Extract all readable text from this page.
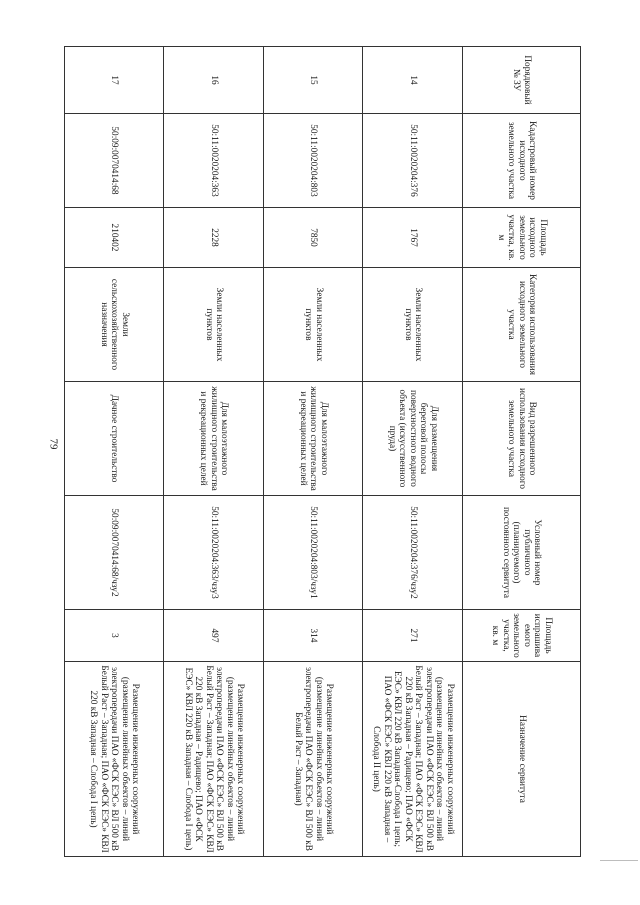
79
Порядковый № ЗУ	Кадастровый номер исходного земельного участка	Площадь исходного земельного участка, кв. м	Категория использования исходного земельного участка	Вид разрешенного использования исходного земельного участка	Условный номер публичного (планируемого) постоянного сервитута	Площадь испрашиваемого земельного участка, кв. м	Назначение сервитута
14	50:11:0020204:376	1767	Земли населенных пунктов	Для размещения береговой полосы поверхностного водного объекта (искусственного пруда)	50:11:0020204:376/чзу2	271	Размещение инженерных сооружений (размещение линейных объектов – линий электропередачи ПАО «ФСК ЕЭС» ВЛ 500 кВ Белый Раст – Западная; ПАО «ФСК ЕЭС» КВЛ 220 кВ Западная – Радищево; ПАО «ФСК ЕЭС» КВЛ 220 кВ Западная-Слобода I цепь; ПАО «ФСК ЕЭС» КВЛ 220 кВ Западная – Слобода II цепь)
15	50:11:0020204:803	7850	Земли населенных пунктов	Для малоэтажного жилищного строительства и рекреационных целей	50:11:0020204:803/чзу1	314	Размещение инженерных сооружений (размещение линейных объектов – линий электропередачи ПАО «ФСК ЕЭС» ВЛ 500 кВ Белый Раст – Западная)
16	50:11:0020204:363	2228	Земли населенных пунктов	Для малоэтажного жилищного строительства и рекреационных целей	50:11:0020204:363/чзу3	497	Размещение инженерных сооружений (размещение линейных объектов – линий электропередачи ПАО «ФСК ЕЭС» ВЛ 500 кВ Белый Раст – Западная; ПАО «ФСК ЕЭС» КВЛ 220 кВ Западная – Радищево; ПАО «ФСК ЕЭС» КВЛ 220 кВ Западная – Слобода I цепь)
17	50:09:0070414:68	210402	Земли сельскохозяйственного назначения	Дачное строительство	50:09:0070414:68/чзу2	3	Размещение инженерных сооружений (размещение линейных объектов – линий электропередачи ПАО «ФСК ЕЭС» ВЛ 500 кВ Белый Раст – Западная; ПАО «ФСК ЕЭС» КВЛ 220 кВ Западная – Слобода I цепь)
